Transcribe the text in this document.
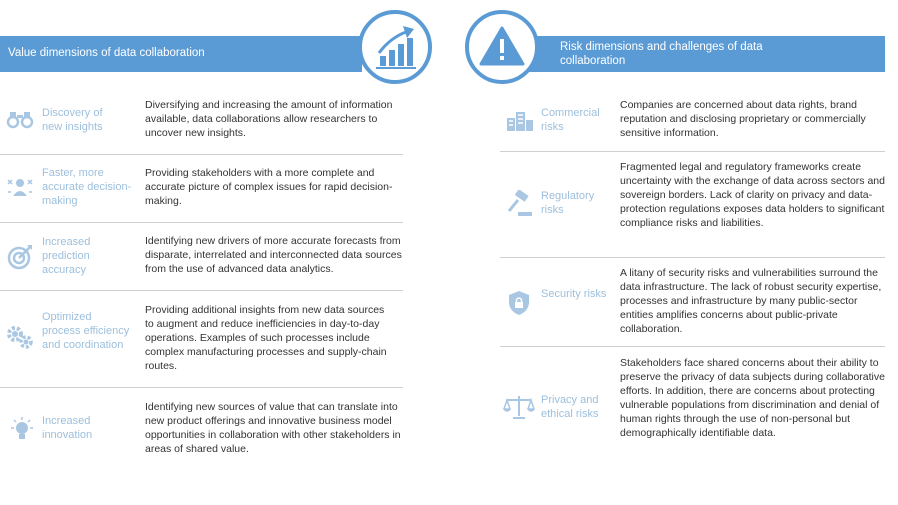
Value dimensions of data collaboration	Risk dimensions and challenges of data collaboration
Discovery of new insights
Diversifying and increasing the amount of information available, data collaborations allow researchers to uncover new insights.
Faster, more accurate decision-making
Providing stakeholders with a more complete and accurate picture of complex issues for rapid decision-making.
Increased prediction accuracy
Identifying new drivers of more accurate forecasts from disparate, interrelated and interconnected data sources from the use of advanced data analytics.
Optimized process efficiency and coordination
Providing additional insights from new data sources to augment and reduce inefficiencies in day-to-day operations. Examples of such processes include complex manufacturing processes and supply-chain routes.
Increased innovation
Identifying new sources of value that can translate into new product offerings and innovative business model opportunities in collaboration with other stakeholders in areas of shared value.
Commercial risks
Companies are concerned about data rights, brand reputation and disclosing proprietary or commercially sensitive information.
Regulatory risks
Fragmented legal and regulatory frameworks create uncertainty with the exchange of data across sectors and sovereign borders. Lack of clarity on privacy and data-protection regulations exposes data holders to significant compliance risks and liabilities.
Security risks
A litany of security risks and vulnerabilities surround the data infrastructure. The lack of robust security expertise, processes and infrastructure by many public-sector entities amplifies concerns about public-private collaboration.
Privacy and ethical risks
Stakeholders face shared concerns about their ability to preserve the privacy of data subjects during collaborative efforts. In addition, there are concerns about protecting vulnerable populations from discrimination and denial of human rights through the use of non-personal but demographically identifiable data.
